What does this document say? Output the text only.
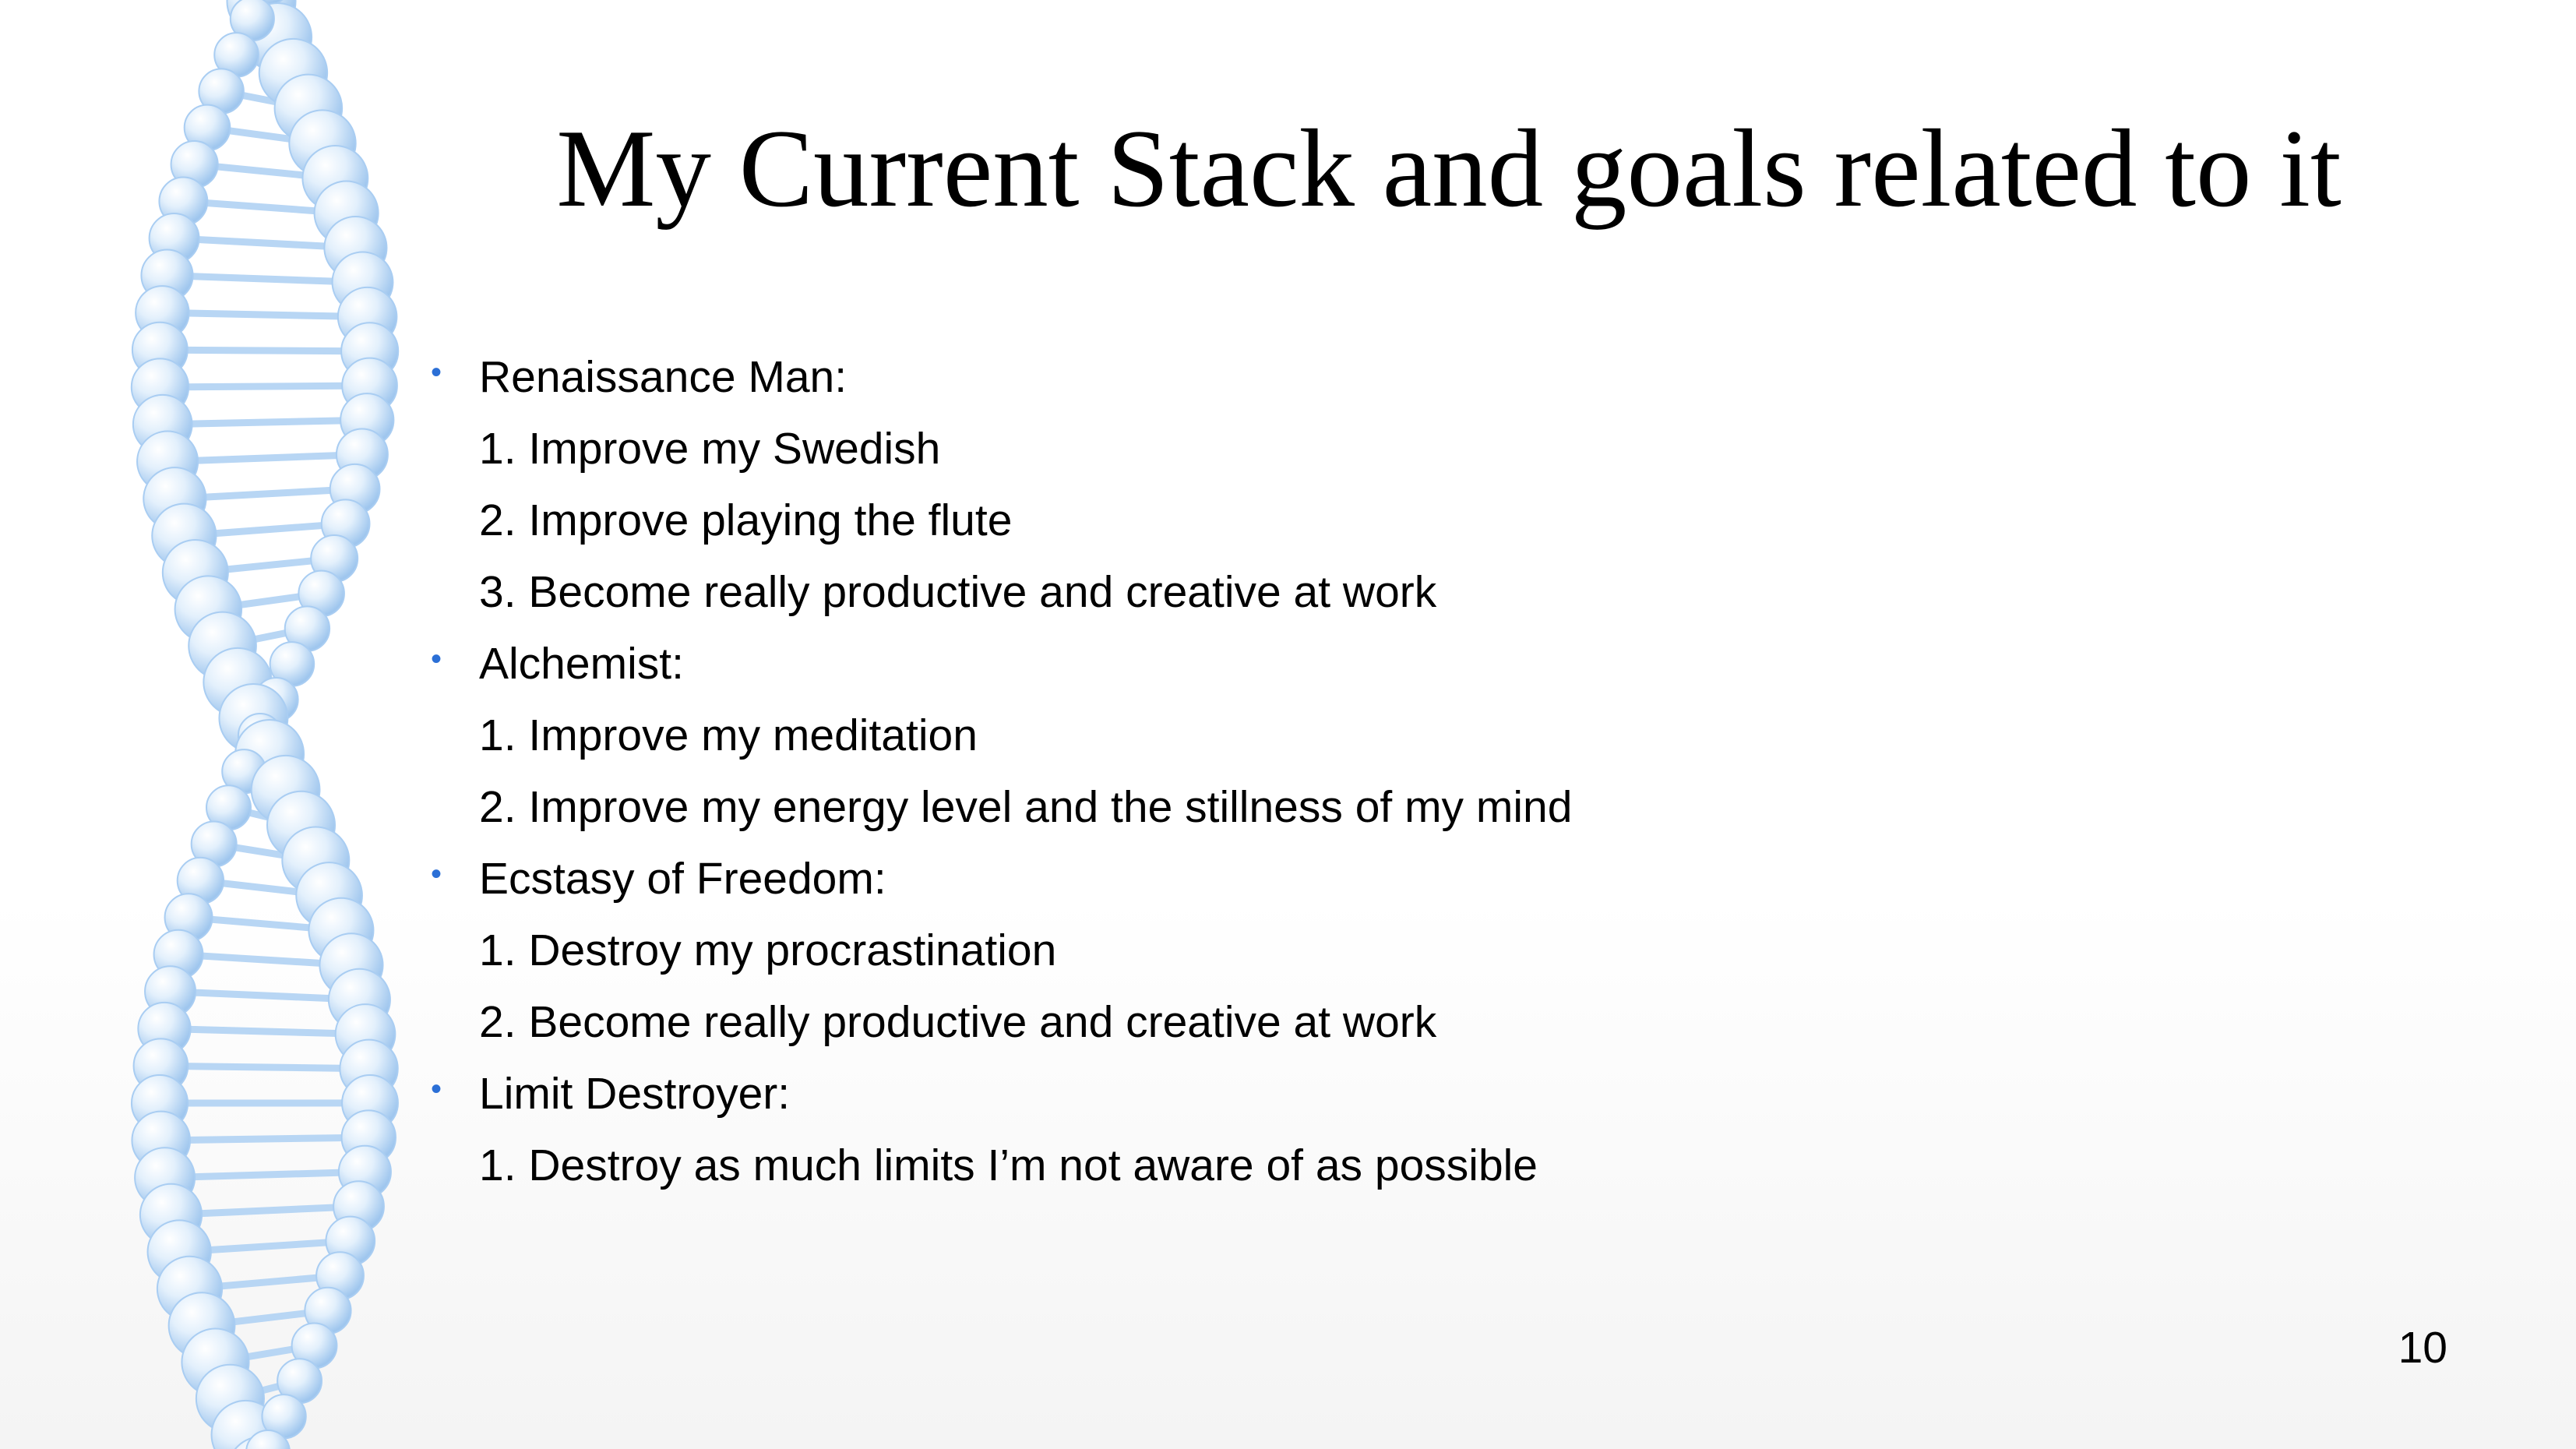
My Current Stack and goals related to it
• Renaissance Man:
1. Improve my Swedish
2. Improve playing the flute
3. Become really productive and creative at work
• Alchemist:
1. Improve my meditation
2. Improve my energy level and the stillness of my mind
• Ecstasy of Freedom:
1. Destroy my procrastination
2. Become really productive and creative at work
• Limit Destroyer:
1. Destroy as much limits I’m not aware of as possible
10
